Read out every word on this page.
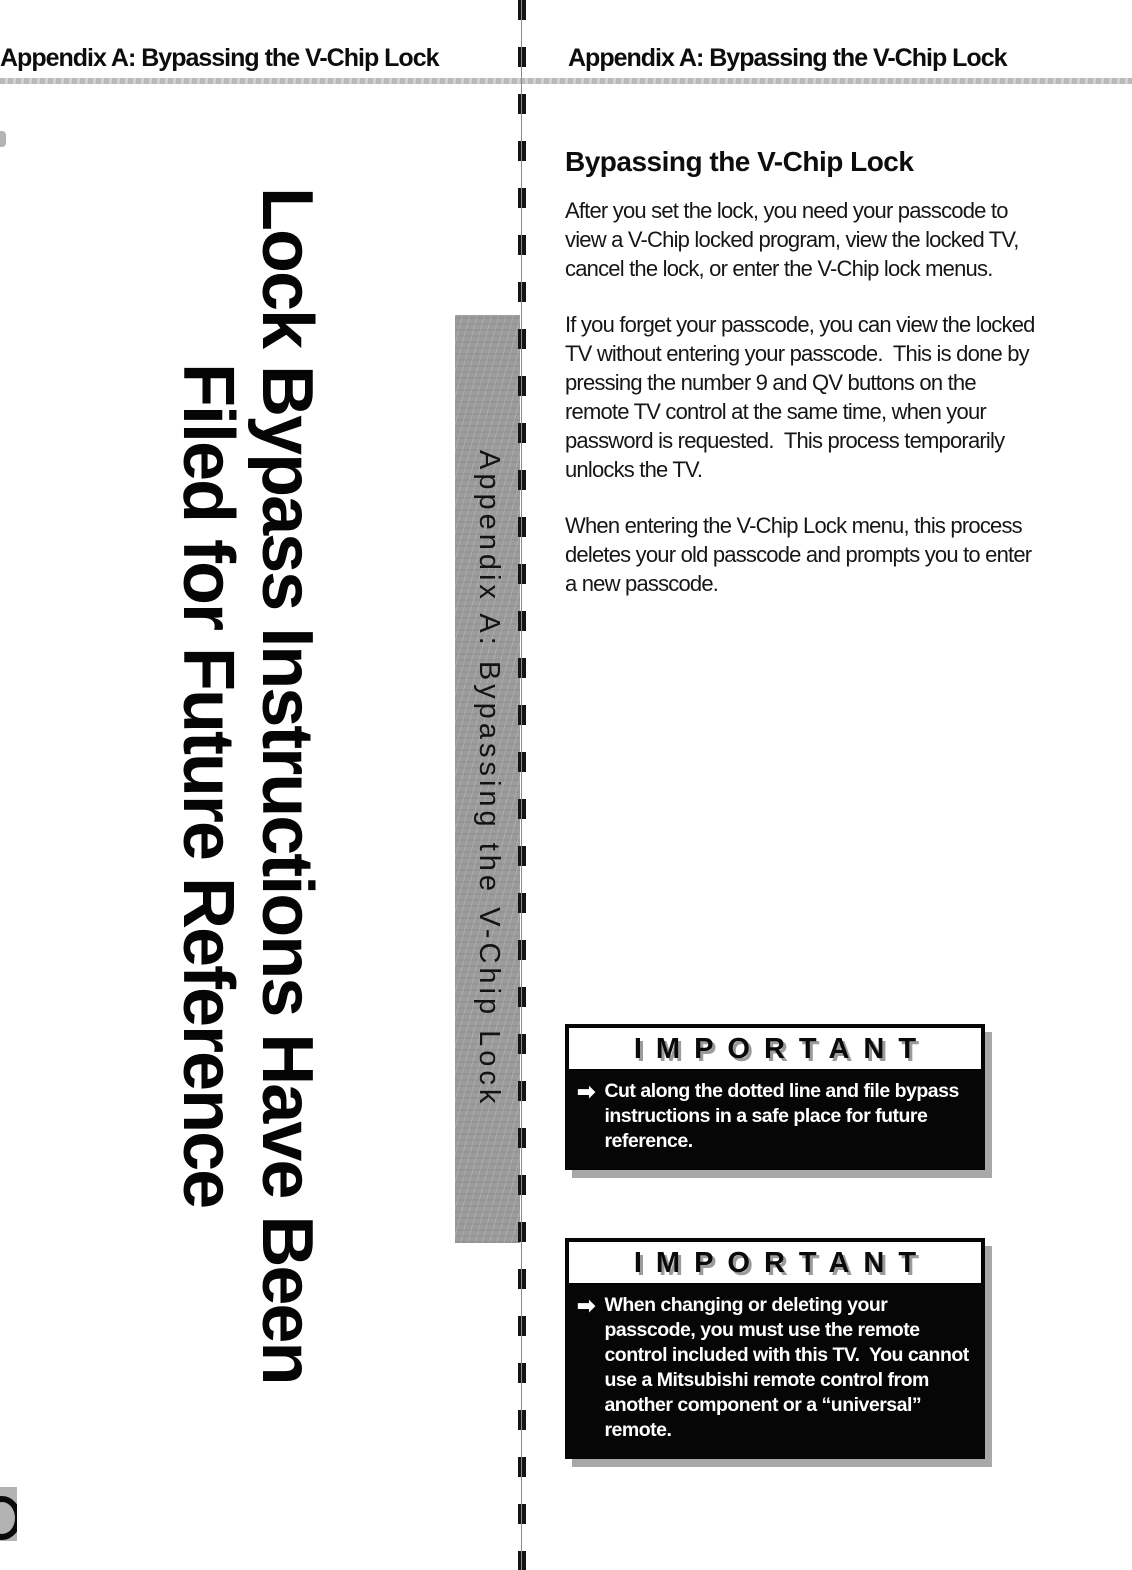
Appendix A: Bypassing the V-Chip Lock	Appendix A: Bypassing the V-Chip Lock
Lock Bypass Instructions Have Been
Filed for Future Reference	Appendix A: Bypassing the V-Chip Lock
Bypassing the V-Chip Lock

After you set the lock, you need your passcode to view a V-Chip locked program, view the locked TV, cancel the lock, or enter the V-Chip lock menus.

If you forget your passcode, you can view the locked TV without entering your passcode.  This is done by pressing the number 9 and QV buttons on the remote TV control at the same time, when your password is requested.  This process temporarily unlocks the TV.

When entering the V-Chip Lock menu, this process deletes your old passcode and prompts you to enter a new passcode.

IMPORTANT
➡ Cut along the dotted line and file bypass instructions in a safe place for future reference.
IMPORTANT
➡ When changing or deleting your passcode, you must use the remote control included with this TV.  You cannot use a Mitsubishi remote control from another component or a “universal” remote.
